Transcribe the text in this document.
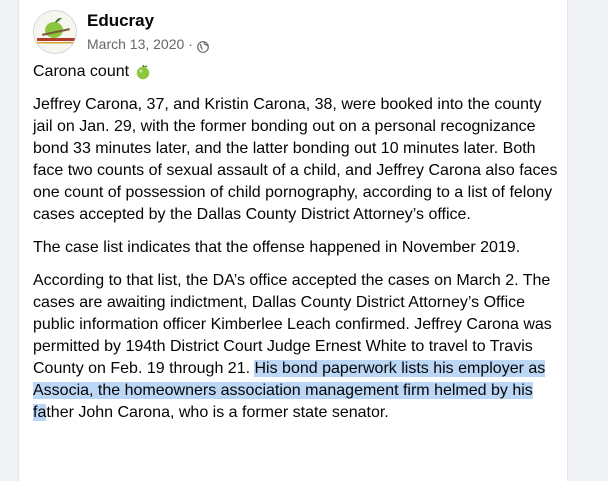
Educray
March 13, 2020 ·

Carona count

Jeffrey Carona, 37, and Kristin Carona, 38, were booked into the county jail on Jan. 29, with the former bonding out on a personal recognizance bond 33 minutes later, and the latter bonding out 10 minutes later. Both face two counts of sexual assault of a child, and Jeffrey Carona also faces one count of possession of child pornography, according to a list of felony cases accepted by the Dallas County District Attorney’s office.

The case list indicates that the offense happened in November 2019.

According to that list, the DA’s office accepted the cases on March 2. The cases are awaiting indictment, Dallas County District Attorney’s Office public information officer Kimberlee Leach confirmed. Jeffrey Carona was permitted by 194th District Court Judge Ernest White to travel to Travis County on Feb. 19 through 21. His bond paperwork lists his employer as Associa, the homeowners association management firm helmed by his father John Carona, who is a former state senator.
